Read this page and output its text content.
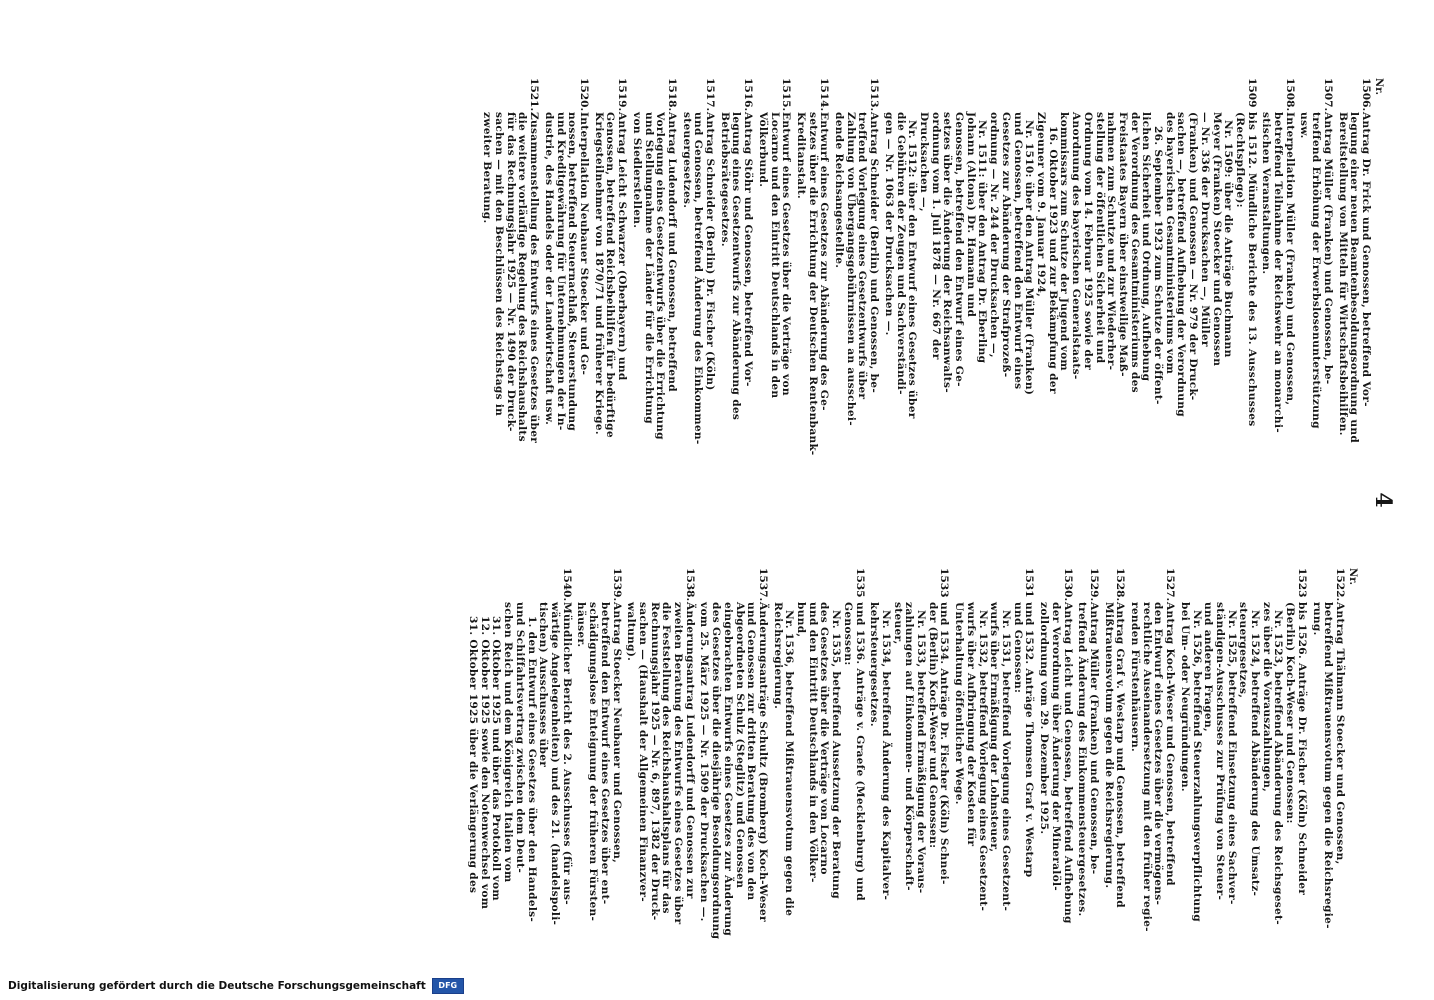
4
Nr.
1506.
Antrag Dr. Frick und Genossen, betreffend Vor-
legung einer neuen Beamtenbesoldungsordnung und
Bereitstellung von Mitteln für Wirtschaftsbeihilfen.
1507.
Antrag Müller (Franken) und Genossen, be-
treffend Erhöhung der Erwerbslosenunterstützung
usw.
1508.
Interpellation Müller (Franken) und Genossen,
betreffend Teilnahme der Reichswehr an monarchi-
stischen Veranstaltungen.
1509
bis 1512. Mündliche Berichte des 13. Ausschusses
(Rechtspflege):
Nr. 1509: über die Anträge Buchmann
Meyer (Franken) Stoecker und Genossen
— Nr. 336 der Drucksachen —, Müller
(Franken) und Genossen — Nr. 979 der Druck-
sachen —, betreffend Aufhebung der Verordnung
des bayerischen Gesamtministeriums vom
26. September 1923 zum Schutze der öffent-
lichen Sicherheit und Ordnung, Aufhebung
der Verordnung des Gesamtministeriums des
Freistaates Bayern über einstweilige Maß-
nahmen zum Schutze und zur Wiederher-
stellung der öffentlichen Sicherheit und
Ordnung vom 14. Februar 1925 sowie der
Anordnung des bayerischen Generalstaats-
kommissars zum Schutze der Jugend vom
16. Oktober 1923 und zur Bekämpfung der
Zigeuner vom 9. Januar 1924,
Nr. 1510: über den Antrag Müller (Franken)
und Genossen, betreffend den Entwurf eines
Gesetzes zur Abänderung der Strafprozeß-
ordnung — Nr. 244 der Drucksachen —,
Nr. 1511: über den Antrag Dr. Eberling
Johann (Altona) Dr. Hamann und
Genossen, betreffend den Entwurf eines Ge-
setzes über die Änderung der Reichsanwalts-
ordnung vom 1. Juli 1878 — Nr. 667 der
Drucksachen —,
Nr. 1512: über den Entwurf eines Gesetzes über
die Gebühren der Zeugen und Sachverständi-
gen — Nr. 1063 der Drucksachen —.
1513.
Antrag Schneider (Berlin) und Genossen, be-
treffend Vorlegung eines Gesetzentwurfs über
Zahlung von Übergangsgebührnissen an ausschei-
dende Reichsangestellte.
1514.
Entwurf eines Gesetzes zur Abänderung des Ge-
setzes über die Errichtung der Deutschen Rentenbank-
Kreditanstalt.
1515.
Entwurf eines Gesetzes über die Verträge von
Locarno und den Eintritt Deutschlands in den
Völkerbund.
1516.
Antrag Stöhr und Genossen, betreffend Vor-
legung eines Gesetzentwurfs zur Abänderung des
Betriebsrätegesetzes.
1517.
Antrag Schneider (Berlin) Dr. Fischer (Köln)
und Genossen, betreffend Änderung des Einkommen-
steuergesetzes.
1518.
Antrag Ludendorff und Genossen, betreffend
Vorlegung eines Gesetzentwurfs über die Errichtung
und Stellungnahme der Länder für die Errichtung
von Siedlerstellen.
1519.
Antrag Leicht Schwarzer (Oberbayern) und
Genossen, betreffend Reichsbeihilfen für bedürftige
Kriegsteilnehmer von 1870/71 und früherer Kriege.
1520.
Interpellation Neubauer Stoecker und Ge-
nossen, betreffend Steuernachlaß, Steuerstundung
und Kreditgewährung für Unternehmungen der In-
dustrie, des Handels oder der Landwirtschaft usw.
1521.
Zusammenstellung des Entwurfs eines Gesetzes über
die weitere vorläufige Regelung des Reichshaushalts
für das Rechnungsjahr 1925 — Nr. 1490 der Druck-
sachen — mit den Beschlüssen des Reichstags in
zweiter Beratung.
Nr.
1522.
Antrag Thälmann Stoecker und Genossen,
betreffend Mißtrauensvotum gegen die Reichsregie-
rung.
1523
bis 1526. Anträge Dr. Fischer (Köln) Schneider
(Berlin) Koch-Weser und Genossen:
Nr. 1523, betreffend Abänderung des Reichsgeset-
zes über die Vorauszahlungen,
Nr. 1524, betreffend Abänderung des Umsatz-
steuergesetzes,
Nr. 1525, betreffend Einsetzung eines Sachver-
ständigen-Ausschusses zur Prüfung von Steuer-
und anderen Fragen,
Nr. 1526, betreffend Steuerzahlungsverpflichtung
bei Um- oder Neugründungen.
1527.
Antrag Koch-Weser und Genossen, betreffend
den Entwurf eines Gesetzes über die vermögens-
rechtliche Auseinandersetzung mit den früher regie-
renden Fürstenhäusern.
1528.
Antrag Graf v. Westarp und Genossen, betreffend
Mißtrauensvotum gegen die Reichsregierung.
1529.
Antrag Müller (Franken) und Genossen, be-
treffend Änderung des Einkommensteuergesetzes.
1530.
Antrag Leicht und Genossen, betreffend Aufhebung
der Verordnung über Änderung der Mineralöl-
zollordnung vom 29. Dezember 1925.
1531
und 1532. Anträge Thomsen Graf v. Westarp
und Genossen:
Nr. 1531, betreffend Vorlegung eines Gesetzent-
wurfs über Ermäßigung der Lohnsteuer,
Nr. 1532, betreffend Vorlegung eines Gesetzent-
wurfs über Aufbringung der Kosten für
Unterhaltung öffentlicher Wege.
1533
und 1534. Anträge Dr. Fischer (Köln) Schnei-
der (Berlin) Koch-Weser und Genossen:
Nr. 1533, betreffend Ermäßigung der Voraus-
zahlungen auf Einkommen- und Körperschaft-
steuer,
Nr. 1534, betreffend Änderung des Kapitalver-
kehrsteuergesetzes.
1535
und 1536. Anträge v. Graefe (Mecklenburg) und
Genossen:
Nr. 1535, betreffend Aussetzung der Beratung
des Gesetzes über die Verträge von Locarno
und den Eintritt Deutschlands in den Völker-
bund,
Nr. 1536, betreffend Mißtrauensvotum gegen die
Reichsregierung.
1537.
Änderungsanträge Schultz (Bromberg) Koch-Weser
und Genossen zur dritten Beratung des von den
Abgeordneten Schulz (Steglitz) und Genossen
eingebrachten Entwurfs eines Gesetzes zur Änderung
des Gesetzes über die diesjährige Besoldungsordnung
vom 25. März 1925 — Nr. 1509 der Drucksachen —.
1538.
Änderungsantrag Ludendorff und Genossen zur
zweiten Beratung des Entwurfs eines Gesetzes über
die Feststellung des Reichshaushaltsplans für das
Rechnungsjahr 1925 — Nr. 6, 897, 1382 der Druck-
sachen — (Haushalt der Allgemeinen Finanzver-
waltung).
1539.
Antrag Stoecker Neubauer und Genossen,
betreffend den Entwurf eines Gesetzes über ent-
schädigungslose Enteignung der früheren Fürsten-
häuser.
1540.
Mündlicher Bericht des 2. Ausschusses (für aus-
wärtige Angelegenheiten) und des 21. (handelspoli-
tischen) Ausschusses über
1. den Entwurf eines Gesetzes über den Handels-
und Schiffahrtsvertrag zwischen dem Deut-
schen Reich und dem Königreich Italien vom
31. Oktober 1925 und über das Protokoll vom
12. Oktober 1925 sowie den Notenwechsel vom
31. Oktober 1925 über die Verlängerung des
Digitalisierung gefördert durch die Deutsche Forschungsgemeinschaft	DFG
